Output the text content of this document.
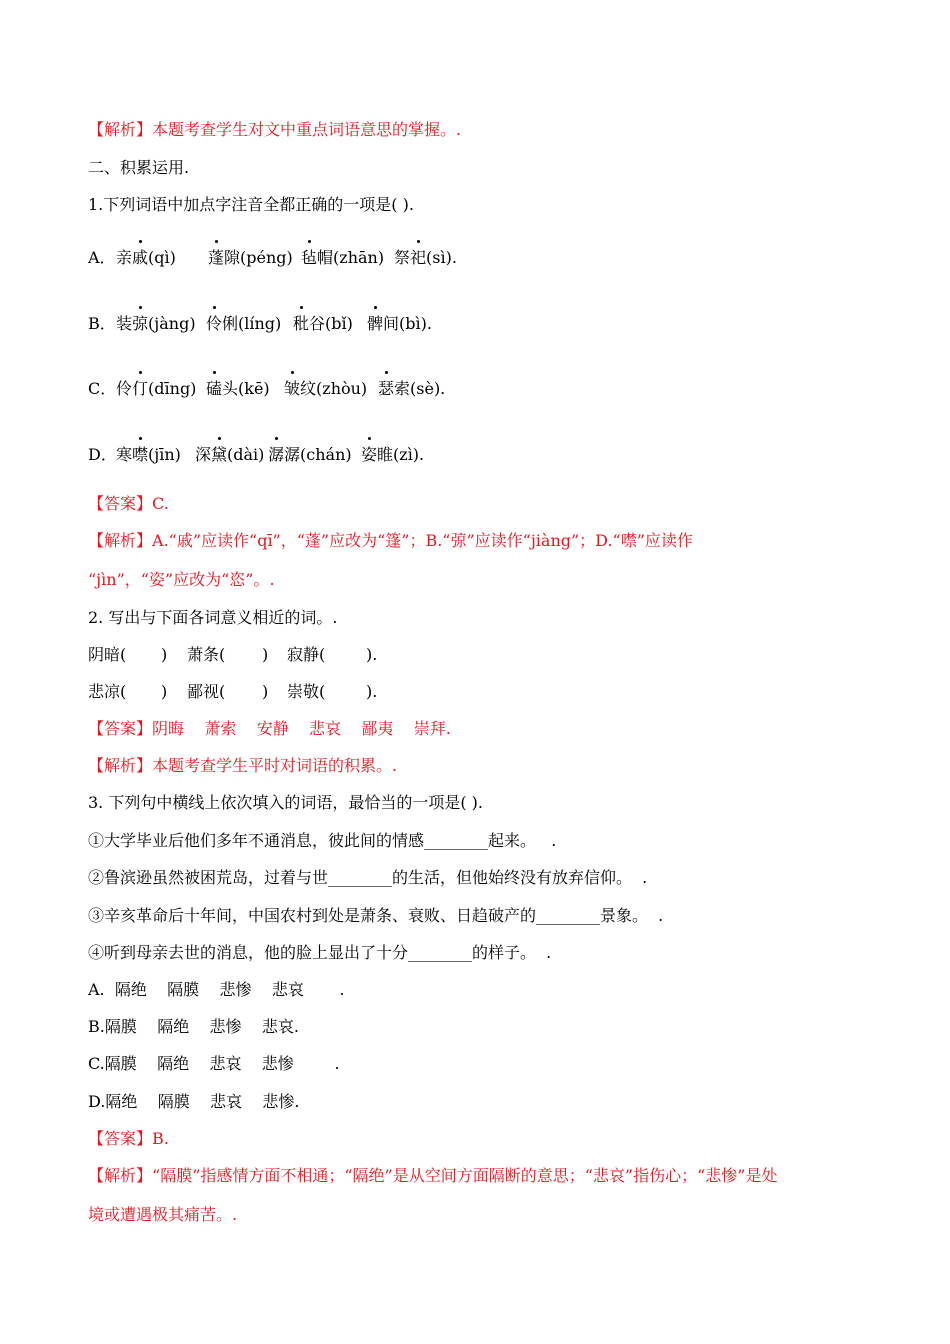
【解析】本题考查学生对文中重点词语意思的掌握。.

二、积累运用.

1.下列词语中加点字注音全都正确的一项是( ).

A． 亲戚(qì) 蓬隙(péng) 毡帽(zhān) 祭祀(sì).
B． 装弶(jàng) 伶俐(líng) 秕谷(bǐ) 髀间(bì).
C． 伶仃(dīng) 磕头(kē) 皱纹(zhòu) 瑟索(sè).
D． 寒噤(jīn) 深黛(dài) 潺潺(chán) 姿睢(zì).

【答案】C.

【解析】A.“戚”应读作“qī”，“蓬”应改为“篷”；B.“弶”应读作“jiàng”；D.“噤”应读作

“jìn”，“姿”应改为“恣”。.

2. 写出与下面各词意义相近的词。.

阴暗( ) 萧条( ) 寂静(	).
悲凉( ) 鄙视( ) 崇敬(	).

【答案】阴晦    萧索    安静    悲哀    鄙夷    崇拜.

【解析】本题考查学生平时对词语的积累。.

3. 下列句中横线上依次填入的词语，最恰当的一项是( ).

①大学毕业后他们多年不通消息，彼此间的情感________起来。   .

②鲁滨逊虽然被困荒岛，过着与世________的生活，但他始终没有放弃信仰。  .

③辛亥革命后十年间，中国农村到处是萧条、衰败、日趋破产的________景象。  .

④听到母亲去世的消息，他的脸上显出了十分________的样子。  .

A.  隔绝    隔膜    悲惨    悲哀       .

B.隔膜    隔绝    悲惨    悲哀.

C.隔膜    隔绝    悲哀    悲惨        .

D.隔绝    隔膜    悲哀    悲惨.

【答案】B.

【解析】“隔膜”指感情方面不相通；“隔绝”是从空间方面隔断的意思；“悲哀”指伤心；“悲惨”是处

境或遭遇极其痛苦。.
